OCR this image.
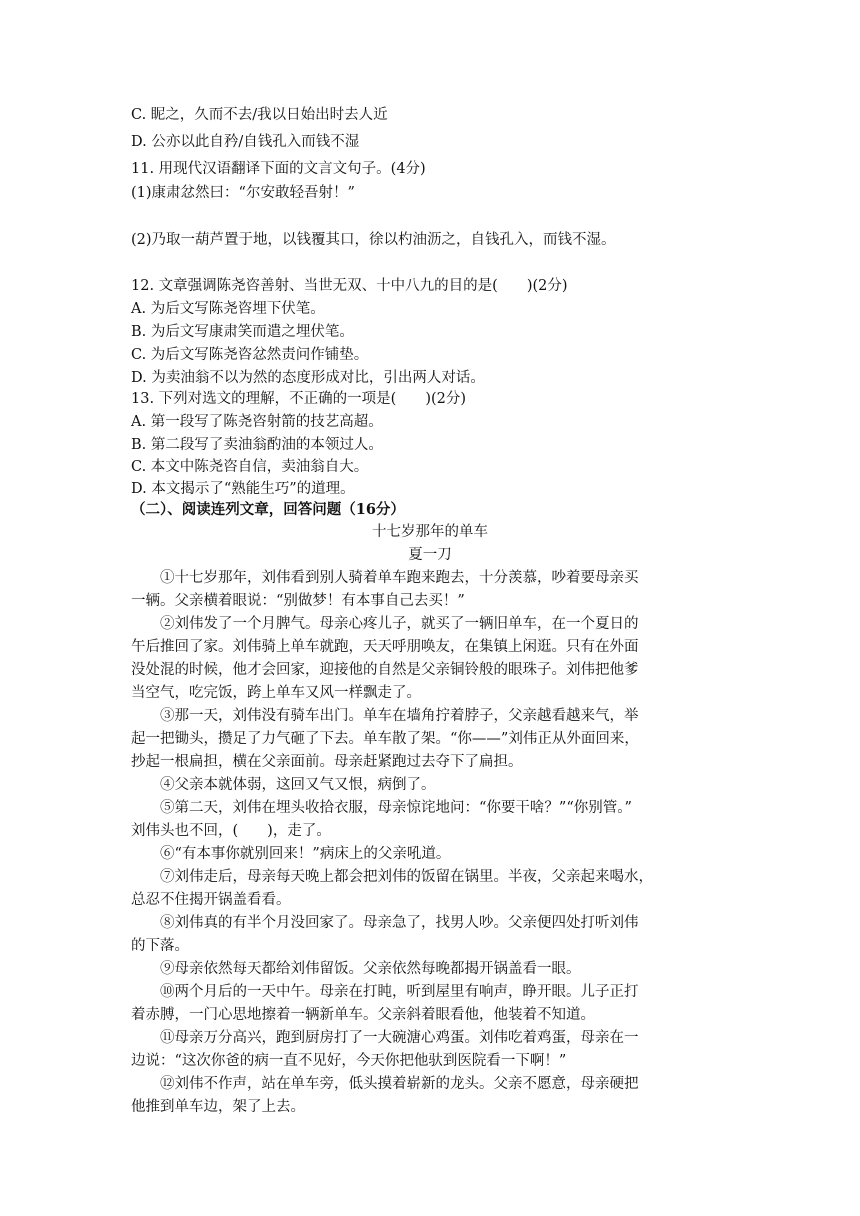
C. 眤之，久而不去/我以日始出时去人近
D. 公亦以此自矜/自钱孔入而钱不湿
11. 用现代汉语翻译下面的文言文句子。(4分)
(1)康肃忿然曰：“尔安敢轻吾射！”
(2)乃取一葫芦置于地，以钱覆其口，徐以杓油沥之，自钱孔入，而钱不湿。
12. 文章强调陈尧咨善射、当世无双、十中八九的目的是(　　)(2分)
A. 为后文写陈尧咨埋下伏笔。
B. 为后文写康肃笑而遣之埋伏笔。
C. 为后文写陈尧咨忿然责问作铺垫。
D. 为卖油翁不以为然的态度形成对比，引出两人对话。
13. 下列对选文的理解，不正确的一项是(　　)(2分)
A. 第一段写了陈尧咨射箭的技艺高超。
B. 第二段写了卖油翁酌油的本领过人。
C. 本文中陈尧咨自信，卖油翁自大。
D. 本文揭示了“熟能生巧”的道理。
（二）、阅读连列文章，回答问题（16分）
十七岁那年的单车
夏一刀
　　①十七岁那年，刘伟看到别人骑着单车跑来跑去，十分羡慕，吵着要母亲买
一辆。父亲横着眼说：“别做梦！有本事自己去买！”
　　②刘伟发了一个月脾气。母亲心疼儿子，就买了一辆旧单车，在一个夏日的
午后推回了家。刘伟骑上单车就跑，天天呼朋唤友，在集镇上闲逛。只有在外面
没处混的时候，他才会回家，迎接他的自然是父亲铜铃般的眼珠子。刘伟把他爹
当空气，吃完饭，跨上单车又风一样飘走了。
　　③那一天，刘伟没有骑车出门。单车在墙角拧着脖子，父亲越看越来气，举
起一把锄头，攒足了力气砸了下去。单车散了架。“你——”刘伟正从外面回来，
抄起一根扁担，横在父亲面前。母亲赶紧跑过去夺下了扁担。
　　④父亲本就体弱，这回又气又恨，病倒了。
　　⑤第二天，刘伟在埋头收拾衣服，母亲惊诧地问：“你要干啥？”“你别管。”
刘伟头也不回，(　　)，走了。
　　⑥“有本事你就别回来！”病床上的父亲吼道。
　　⑦刘伟走后，母亲每天晚上都会把刘伟的饭留在锅里。半夜，父亲起来喝水，
总忍不住揭开锅盖看看。
　　⑧刘伟真的有半个月没回家了。母亲急了，找男人吵。父亲便四处打听刘伟
的下落。
　　⑨母亲依然每天都给刘伟留饭。父亲依然每晚都揭开锅盖看一眼。
　　⑩两个月后的一天中午。母亲在打盹，听到屋里有响声，睁开眼。儿子正打
着赤膊，一门心思地擦着一辆新单车。父亲斜着眼看他，他装着不知道。
　　⑪母亲万分高兴，跑到厨房打了一大碗溏心鸡蛋。刘伟吃着鸡蛋，母亲在一
边说：“这次你爸的病一直不见好，今天你把他驮到医院看一下啊！”
　　⑫刘伟不作声，站在单车旁，低头摸着崭新的龙头。父亲不愿意，母亲硬把
他推到单车边，架了上去。
